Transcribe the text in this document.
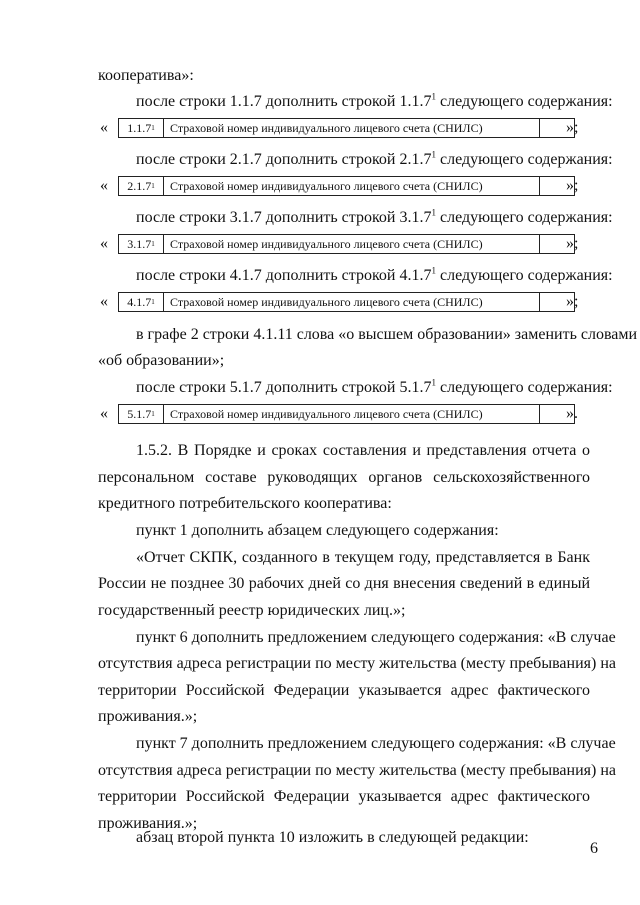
кооператива»:
после строки 1.1.7 дополнить строкой 1.1.7$^1$ следующего содержания:
« 1.1.7 1	Страховой номер индивидуального лицевого счета (СНИЛС)	»;
после строки 2.1.7 дополнить строкой 2.1.7$^1$ следующего содержания:
« 2.1.7 1	Страховой номер индивидуального лицевого счета (СНИЛС)	»;
после строки 3.1.7 дополнить строкой 3.1.7$^1$ следующего содержания:
« 3.1.7 1	Страховой номер индивидуального лицевого счета (СНИЛС)	»;
после строки 4.1.7 дополнить строкой 4.1.7$^1$ следующего содержания:
« 4.1.7 1	Страховой номер индивидуального лицевого счета (СНИЛС)	»;
в графе 2 строки 4.1.11 слова «о высшем образовании» заменить словами
«об образовании»;
после строки 5.1.7 дополнить строкой 5.1.7$^1$ следующего содержания:
« 5.1.7 1	Страховой номер индивидуального лицевого счета (СНИЛС)	».
1.5.2. В Порядке и сроках составления и представления отчета о
персональном составе руководящих органов сельскохозяйственного
кредитного потребительского кооператива:
пункт 1 дополнить абзацем следующего содержания:
«Отчет СКПК, созданного в текущем году, представляется в Банк
России не позднее 30 рабочих дней со дня внесения сведений в единый
государственный реестр юридических лиц.»;
пункт 6 дополнить предложением следующего содержания: «В случае
отсутствия адреса регистрации по месту жительства (месту пребывания) на
территории Российской Федерации указывается адрес фактического
проживания.»;
пункт 7 дополнить предложением следующего содержания: «В случае
отсутствия адреса регистрации по месту жительства (месту пребывания) на
территории Российской Федерации указывается адрес фактического
проживания.»;
абзац второй пункта 10 изложить в следующей редакции:
6
